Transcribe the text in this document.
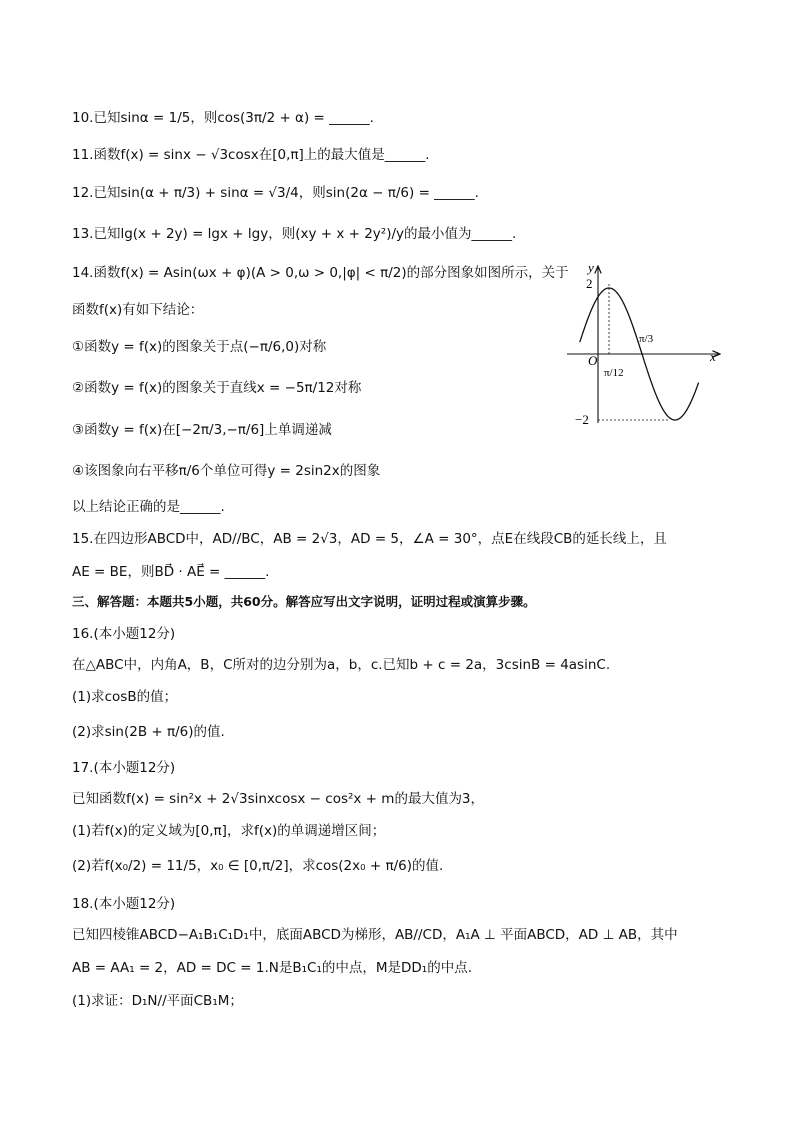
10.已知sinα = 1/5，则cos(3π/2 + α) = ______.
11.函数f(x) = sinx − √3cosx在[0,π]上的最大值是______.
12.已知sin(α + π/3) + sinα = √3/4，则sin(2α − π/6) = ______.
13.已知lg(x + 2y) = lgx + lgy，则(xy + x + 2y²)/y的最小值为______.
14.函数f(x) = Asin(ωx + φ)(A > 0,ω > 0,|φ| < π/2)的部分图象如图所示，关于
函数f(x)有如下结论：
①函数y = f(x)的图象关于点(−π/6,0)对称
②函数y = f(x)的图象关于直线x = −5π/12对称
③函数y = f(x)在[−2π/3,−π/6]上单调递减
④该图象向右平移π/6个单位可得y = 2sin2x的图象
以上结论正确的是______.
15.在四边形ABCD中，AD//BC，AB = 2√3，AD = 5，∠A = 30°，点E在线段CB的延长线上，且
AE = BE，则BD⃗ · AE⃗ = ______.
三、解答题：本题共5小题，共60分。解答应写出文字说明，证明过程或演算步骤。
16.(本小题12分)
在△ABC中，内角A，B，C所对的边分别为a，b，c.已知b + c = 2a，3csinB = 4asinC.
(1)求cosB的值；
(2)求sin(2B + π/6)的值.
17.(本小题12分)
已知函数f(x) = sin²x + 2√3sinxcosx − cos²x + m的最大值为3，
(1)若f(x)的定义域为[0,π]，求f(x)的单调递增区间；
(2)若f(x₀/2) = 11/5，x₀ ∈ [0,π/2]，求cos(2x₀ + π/6)的值.
18.(本小题12分)
已知四棱锥ABCD−A₁B₁C₁D₁中，底面ABCD为梯形，AB//CD，A₁A ⊥ 平面ABCD，AD ⊥ AB，其中
AB = AA₁ = 2，AD = DC = 1.N是B₁C₁的中点，M是DD₁的中点.
(1)求证：D₁N//平面CB₁M；
y
x
O
2
−2
π/12
π/3
